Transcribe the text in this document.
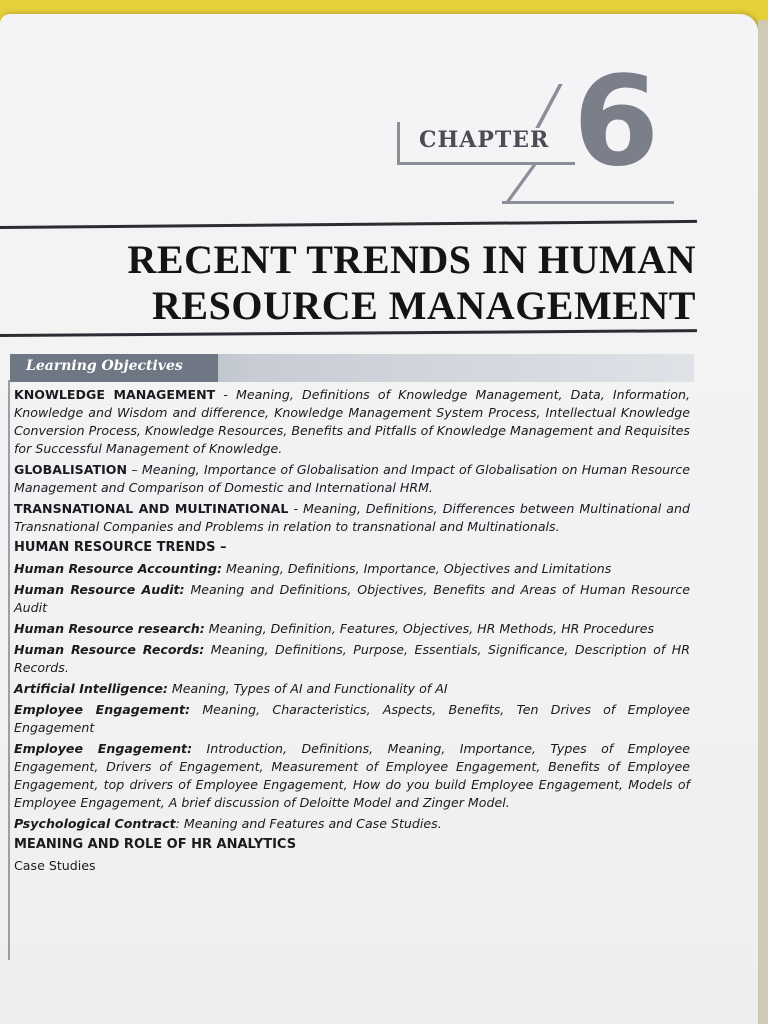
CHAPTER 6
RECENT TRENDS IN HUMAN
RESOURCE MANAGEMENT
Learning Objectives

KNOWLEDGE MANAGEMENT - Meaning, Definitions of Knowledge Management, Data, Information, Knowledge and Wisdom and difference, Knowledge Management System Process, Intellectual Knowledge Conversion Process, Knowledge Resources, Benefits and Pitfalls of Knowledge Management and Requisites for Successful Management of Knowledge.

GLOBALISATION – Meaning, Importance of Globalisation and Impact of Globalisation on Human Resource Management and Comparison of Domestic and International HRM.

TRANSNATIONAL AND MULTINATIONAL - Meaning, Definitions, Differences between Multinational and Transnational Companies and Problems in relation to transnational and Multinationals.

HUMAN RESOURCE TRENDS –

Human Resource Accounting: Meaning, Definitions, Importance, Objectives and Limitations

Human Resource Audit: Meaning and Definitions, Objectives, Benefits and Areas of Human Resource Audit

Human Resource research: Meaning, Definition, Features, Objectives, HR Methods, HR Procedures

Human Resource Records: Meaning, Definitions, Purpose, Essentials, Significance, Description of HR Records.

Artificial Intelligence: Meaning, Types of AI and Functionality of AI

Employee Engagement: Meaning, Characteristics, Aspects, Benefits, Ten Drives of Employee Engagement

Employee Engagement: Introduction, Definitions, Meaning, Importance, Types of Employee Engagement, Drivers of Engagement, Measurement of Employee Engagement, Benefits of Employee Engagement, top drivers of Employee Engagement, How do you build Employee Engagement, Models of Employee Engagement, A brief discussion of Deloitte Model and Zinger Model.

Psychological Contract: Meaning and Features and Case Studies.

MEANING AND ROLE OF HR ANALYTICS

Case Studies
